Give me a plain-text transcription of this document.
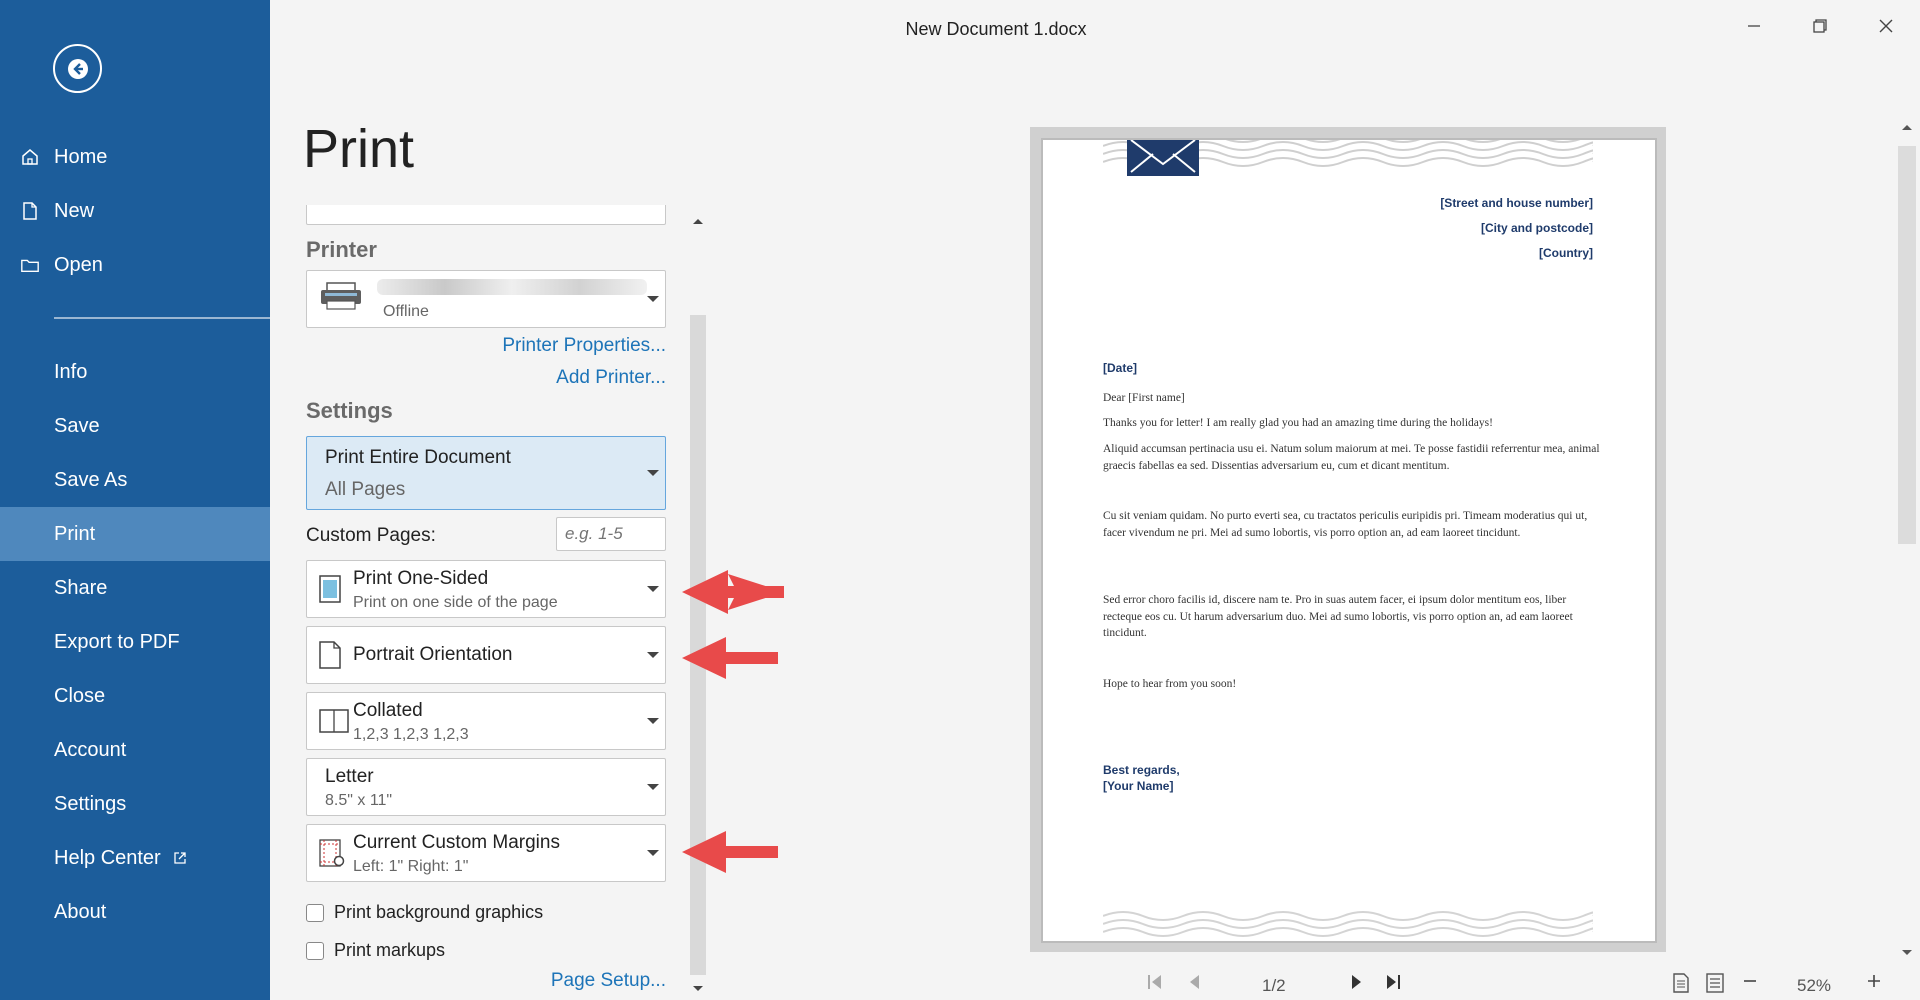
Home
New
Open
Info
Save
Save As
Print
Share
Export to PDF
Close
Account
Settings
Help Center
About
New Document 1.docx
Print
Printer
Offline
Printer Properties...
Add Printer...
Settings
Print Entire Document
All Pages
Custom Pages:
e.g. 1-5
Print One-Sided
Print on one side of the page
Portrait Orientation
Collated
1,2,3 1,2,3 1,2,3
Letter
8.5" x 11"
Current Custom Margins
Left: 1" Right: 1"
Print background graphics
Print markups
Page Setup...
[Street and house number]
[City and postcode]
[Country]
[Date]
Dear [First name]
Thanks you for letter! I am really glad you had an amazing time during the holidays!
Aliquid accumsan pertinacia usu ei. Natum solum maiorum at mei. Te posse fastidii referrentur mea, animal graecis fabellas ea sed. Dissentias adversarium eu, cum et dicant mentitum.
Cu sit veniam quidam. No purto everti sea, cu tractatos periculis euripidis pri. Timeam moderatius qui ut, facer vivendum ne pri. Mei ad sumo lobortis, vis porro option an, ad eam laoreet tincidunt.
Sed error choro facilis id, discere nam te. Pro in suas autem facer, ei ipsum dolor mentitum eos, liber recteque eos cu. Ut harum adversarium duo. Mei ad sumo lobortis, vis porro option an, ad eam laoreet tincidunt.
Hope to hear from you soon!
Best regards,
[Your Name]
1/2	52%
